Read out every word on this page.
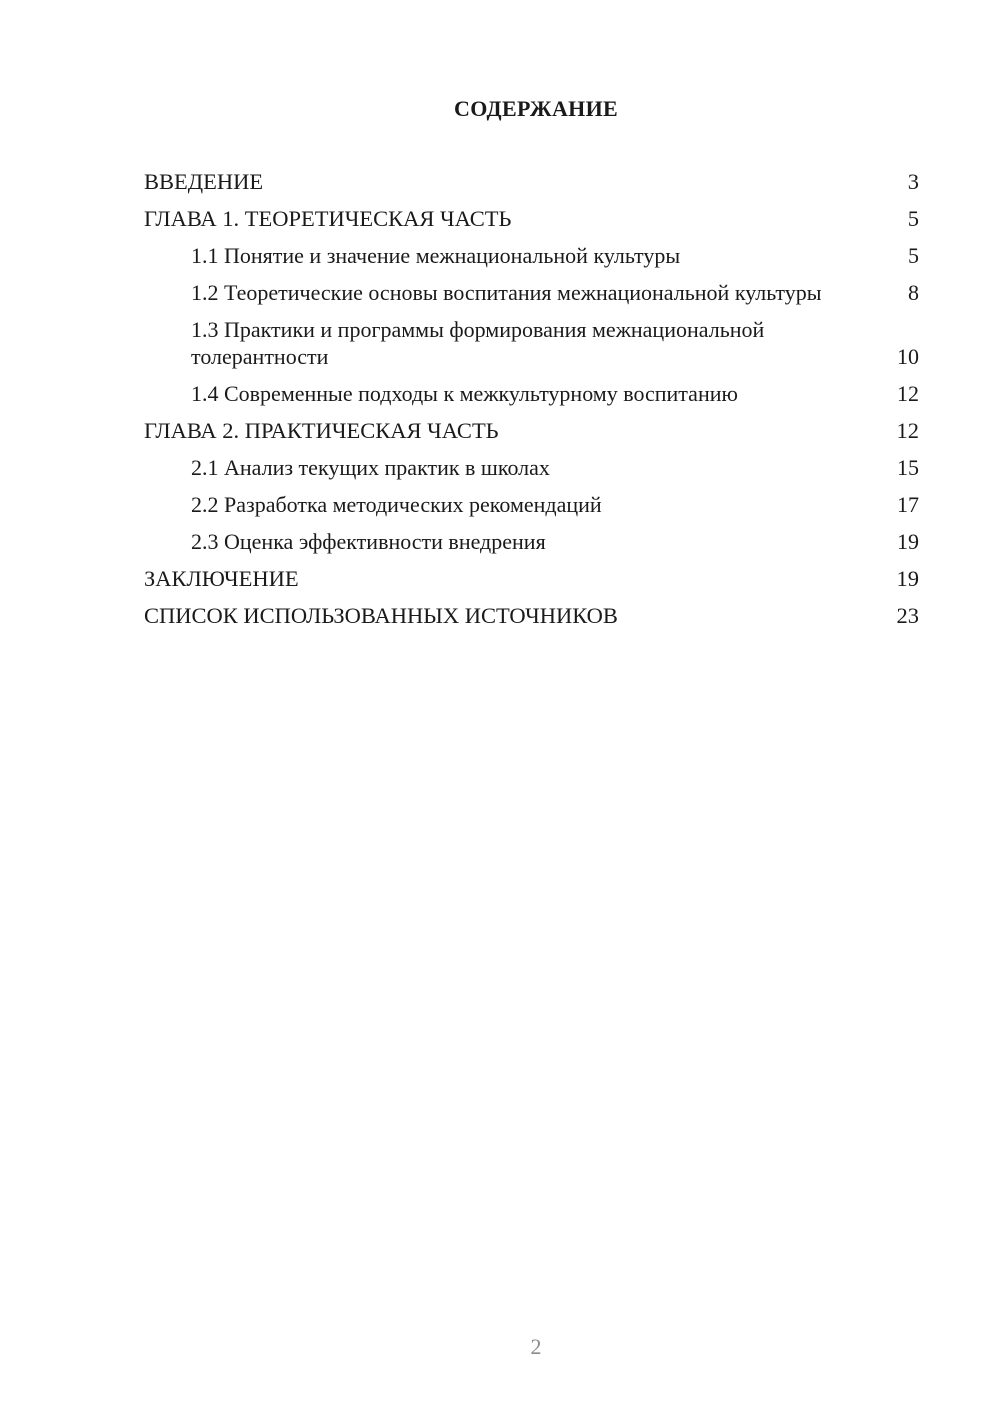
СОДЕРЖАНИЕ
ВВЕДЕНИЕ	3
ГЛАВА 1. ТЕОРЕТИЧЕСКАЯ ЧАСТЬ	5
1.1 Понятие и значение межнациональной культуры	5
1.2 Теоретические основы воспитания межнациональной культуры	8
1.3 Практики и программы формирования межнациональной толерантности	10
1.4 Современные подходы к межкультурному воспитанию	12
ГЛАВА 2. ПРАКТИЧЕСКАЯ ЧАСТЬ	12
2.1 Анализ текущих практик в школах	15
2.2 Разработка методических рекомендаций	17
2.3 Оценка эффективности внедрения	19
ЗАКЛЮЧЕНИЕ	19
СПИСОК ИСПОЛЬЗОВАННЫХ ИСТОЧНИКОВ	23
2
